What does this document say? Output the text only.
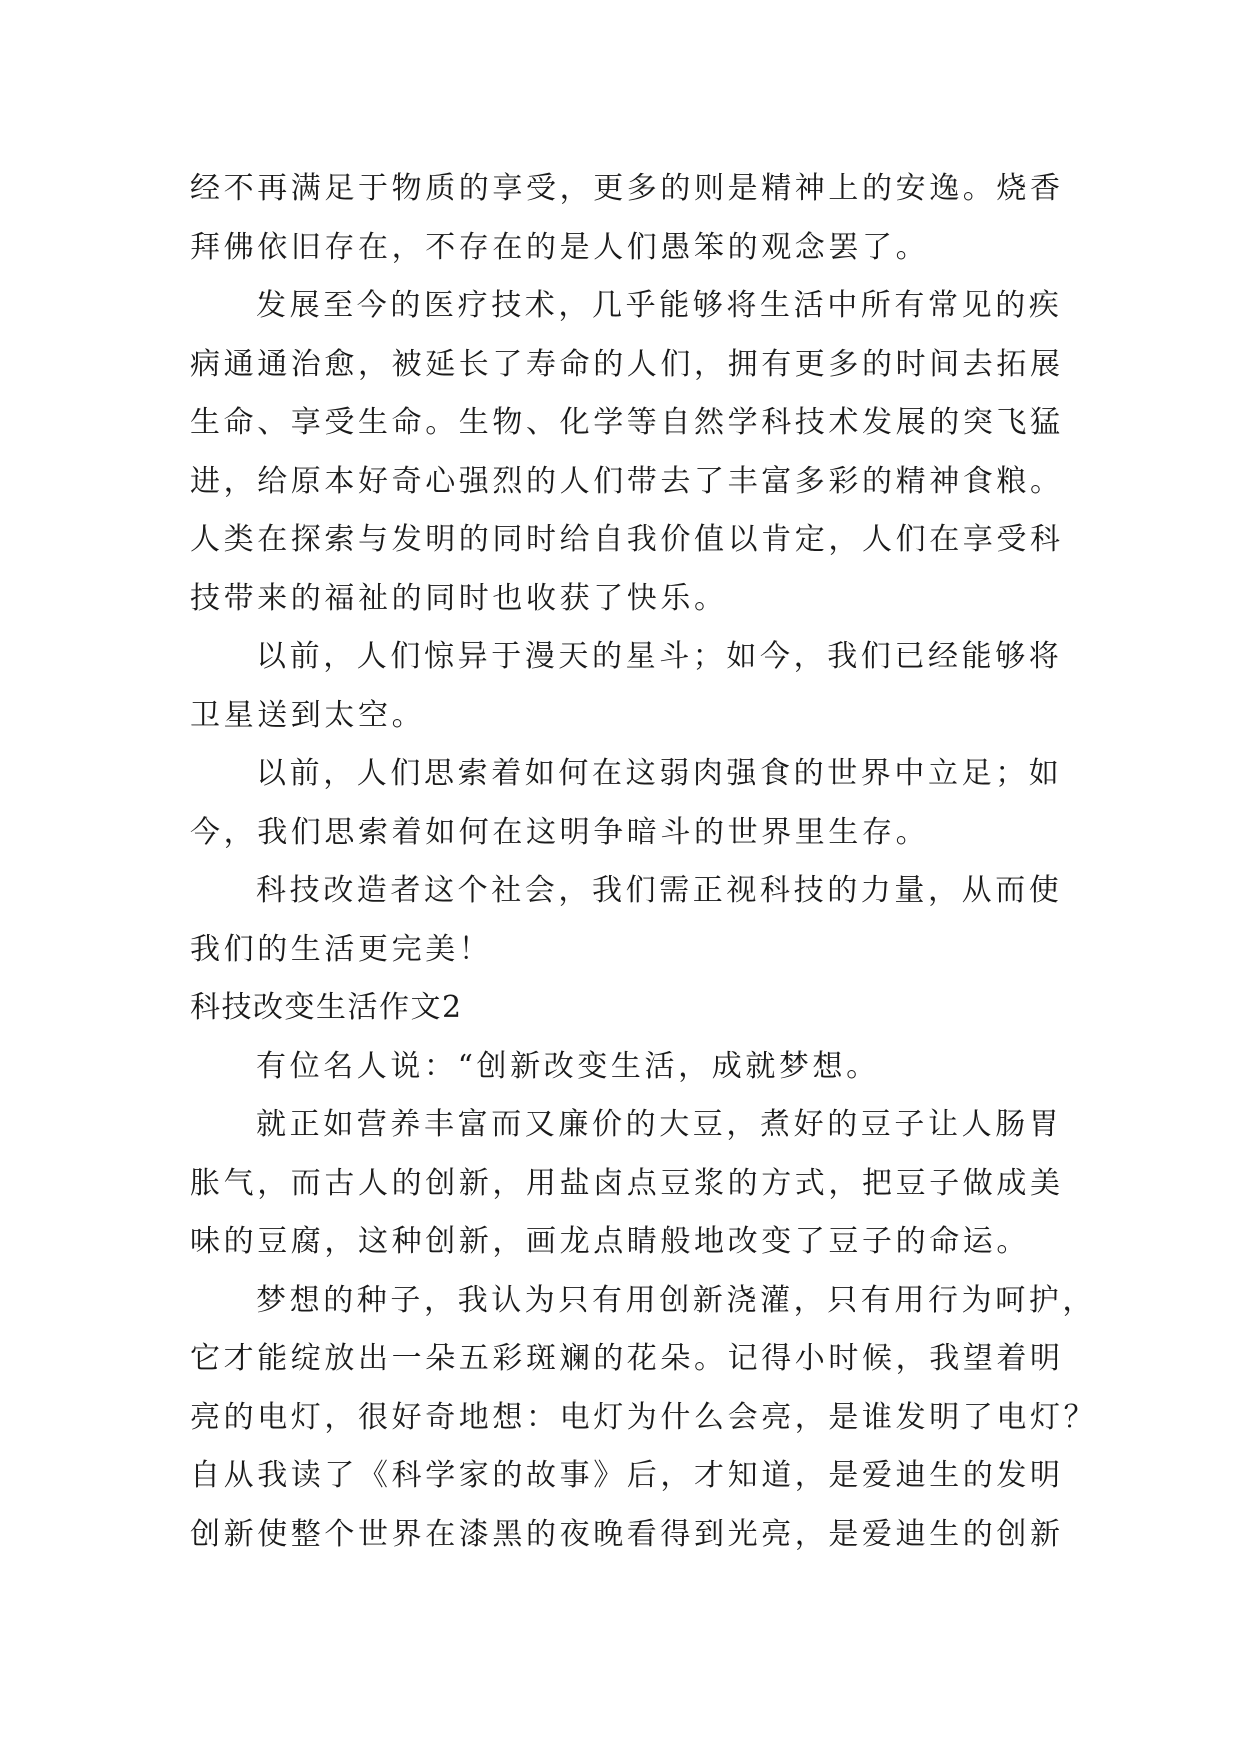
经不再满足于物质的享受，更多的则是精神上的安逸。烧香
拜佛依旧存在，不存在的是人们愚笨的观念罢了。
发展至今的医疗技术，几乎能够将生活中所有常见的疾
病通通治愈，被延长了寿命的人们，拥有更多的时间去拓展
生命、享受生命。生物、化学等自然学科技术发展的突飞猛
进，给原本好奇心强烈的人们带去了丰富多彩的精神食粮。
人类在探索与发明的同时给自我价值以肯定，人们在享受科
技带来的福祉的同时也收获了快乐。
以前，人们惊异于漫天的星斗；如今，我们已经能够将
卫星送到太空。
以前，人们思索着如何在这弱肉强食的世界中立足；如
今，我们思索着如何在这明争暗斗的世界里生存。
科技改造者这个社会，我们需正视科技的力量，从而使
我们的生活更完美！
科技改变生活作文2
有位名人说：“创新改变生活，成就梦想。
就正如营养丰富而又廉价的大豆，煮好的豆子让人肠胃
胀气，而古人的创新，用盐卤点豆浆的方式，把豆子做成美
味的豆腐，这种创新，画龙点睛般地改变了豆子的命运。
梦想的种子，我认为只有用创新浇灌，只有用行为呵护，
它才能绽放出一朵五彩斑斓的花朵。记得小时候，我望着明
亮的电灯，很好奇地想：电灯为什么会亮，是谁发明了电灯？
自从我读了《科学家的故事》后，才知道，是爱迪生的发明
创新使整个世界在漆黑的夜晚看得到光亮，是爱迪生的创新
